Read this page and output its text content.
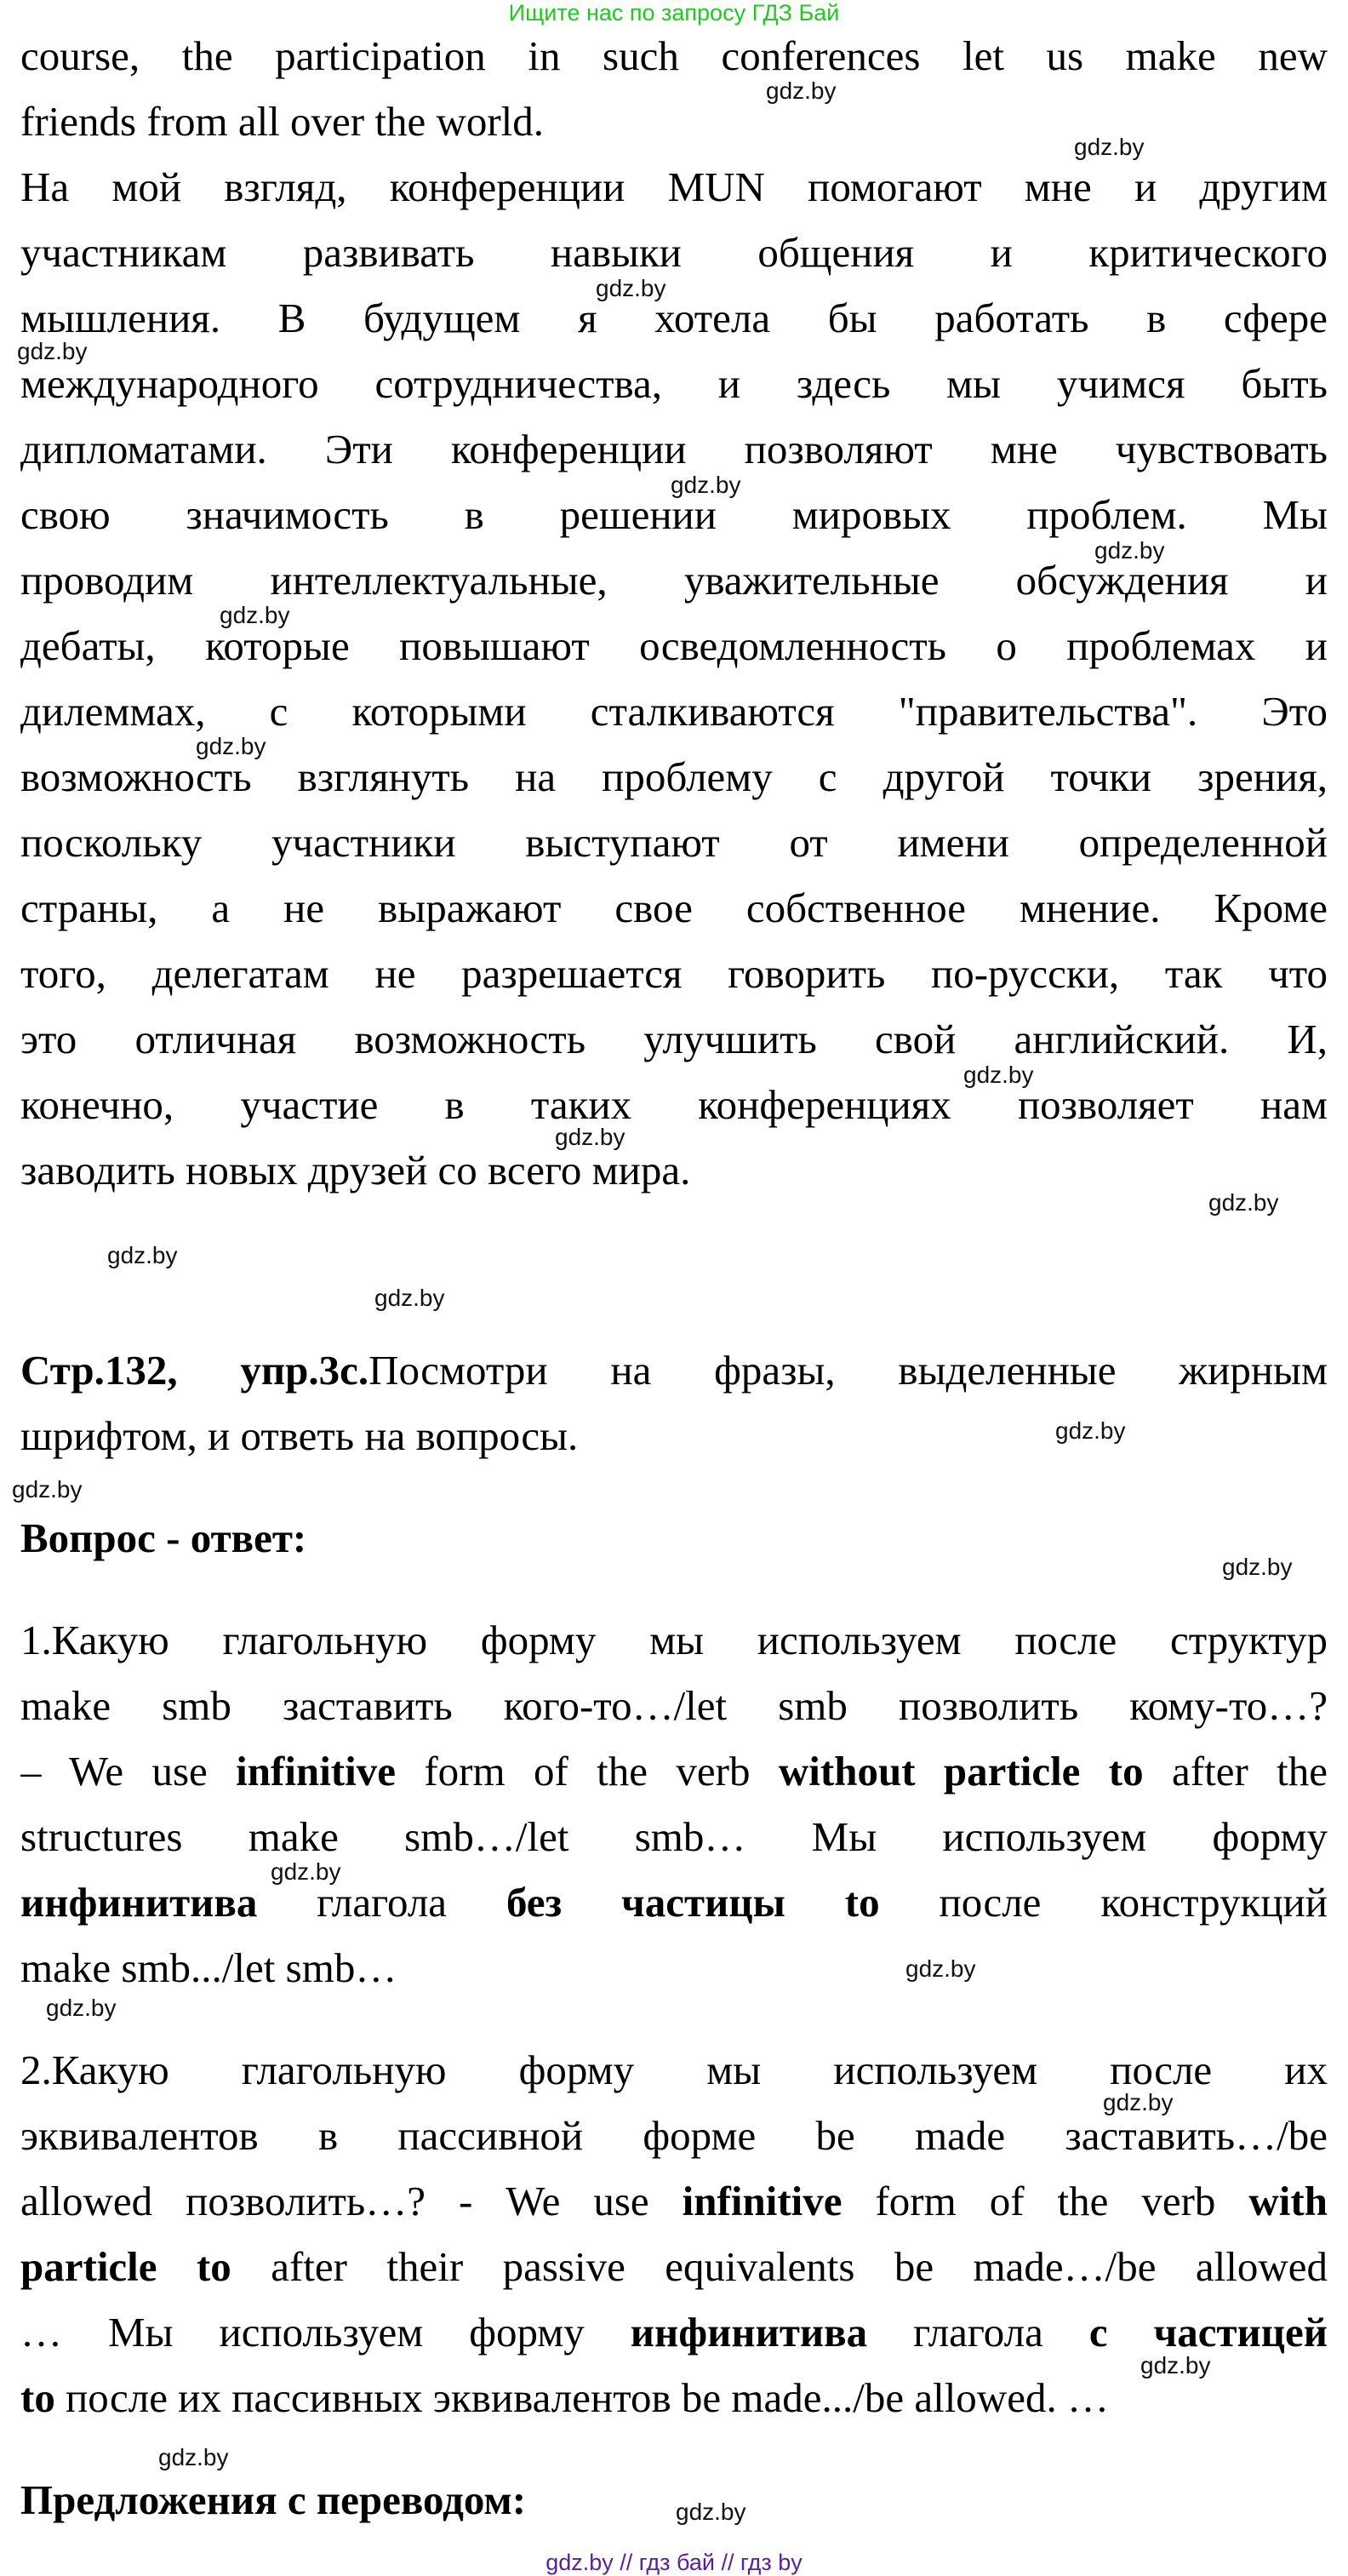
Ищите нас по запросу ГДЗ Бай
course, the participation in such conferences let us make new
friends from all over the world.
На мой взгляд, конференции MUN помогают мне и другим
участникам развивать навыки общения и критического
мышления. В будущем я хотела бы работать в сфере
международного сотрудничества, и здесь мы учимся быть
дипломатами. Эти конференции позволяют мне чувствовать
свою значимость в решении мировых проблем. Мы
проводим интеллектуальные, уважительные обсуждения и
дебаты, которые повышают осведомленность о проблемах и
дилеммах, с которыми сталкиваются "правительства". Это
возможность взглянуть на проблему с другой точки зрения,
поскольку участники выступают от имени определенной
страны, а не выражают свое собственное мнение. Кроме
того, делегатам не разрешается говорить по-русски, так что
это отличная возможность улучшить свой английский. И,
конечно, участие в таких конференциях позволяет нам
заводить новых друзей со всего мира.
Стр.132, упр.3с.Посмотри на фразы, выделенные жирным
шрифтом, и ответь на вопросы.
Вопрос - ответ:
1.Какую глагольную форму мы используем после структур
make smb заставить кого-то…/let smb позволить кому-то…?
– We use infinitive form of the verb without particle to after the
structures make smb…/let smb… Мы используем форму
инфинитива глагола без частицы to после конструкций
make smb.../let smb…
2.Какую глагольную форму мы используем после их
эквивалентов в пассивной форме be made заставить…/be
allowed позволить…? - We use infinitive form of the verb with
particle to after their passive equivalents be made…/be allowed
… Мы используем форму инфинитива глагола с частицей
to после их пассивных эквивалентов be made.../be allowed. …
Предложения с переводом:
gdz.by
gdz.by
gdz.by
gdz.by
gdz.by
gdz.by
gdz.by
gdz.by
gdz.by
gdz.by
gdz.by
gdz.by
gdz.by
gdz.by
gdz.by
gdz.by
gdz.by
gdz.by
gdz.by
gdz.by
gdz.by
gdz.by
gdz.by
gdz.by // гдз бай // гдз by
